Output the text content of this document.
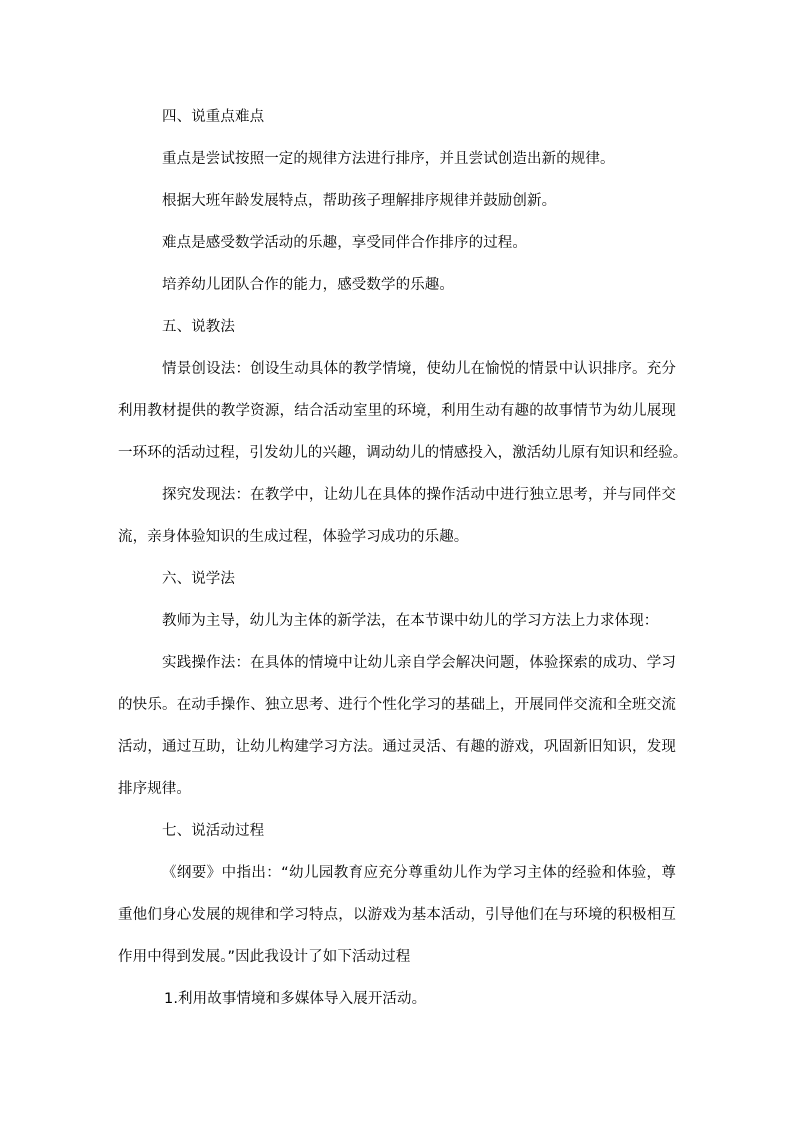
四、说重点难点
重点是尝试按照一定的规律方法进行排序，并且尝试创造出新的规律。
根据大班年龄发展特点，帮助孩子理解排序规律并鼓励创新。
难点是感受数学活动的乐趣，享受同伴合作排序的过程。
培养幼儿团队合作的能力，感受数学的乐趣。
五、说教法
情景创设法：创设生动具体的教学情境，使幼儿在愉悦的情景中认识排序。充分
利用教材提供的教学资源，结合活动室里的环境，利用生动有趣的故事情节为幼儿展现
一环环的活动过程，引发幼儿的兴趣，调动幼儿的情感投入，激活幼儿原有知识和经验。
探究发现法：在教学中，让幼儿在具体的操作活动中进行独立思考，并与同伴交
流，亲身体验知识的生成过程，体验学习成功的乐趣。
六、说学法
教师为主导，幼儿为主体的新学法，在本节课中幼儿的学习方法上力求体现：
实践操作法：在具体的情境中让幼儿亲自学会解决问题，体验探索的成功、学习
的快乐。在动手操作、独立思考、进行个性化学习的基础上，开展同伴交流和全班交流
活动，通过互助，让幼儿构建学习方法。通过灵活、有趣的游戏，巩固新旧知识，发现
排序规律。
七、说活动过程
《纲要》中指出：“幼儿园教育应充分尊重幼儿作为学习主体的经验和体验，尊
重他们身心发展的规律和学习特点，以游戏为基本活动，引导他们在与环境的积极相互
作用中得到发展。”因此我设计了如下活动过程
1.利用故事情境和多媒体导入展开活动。
